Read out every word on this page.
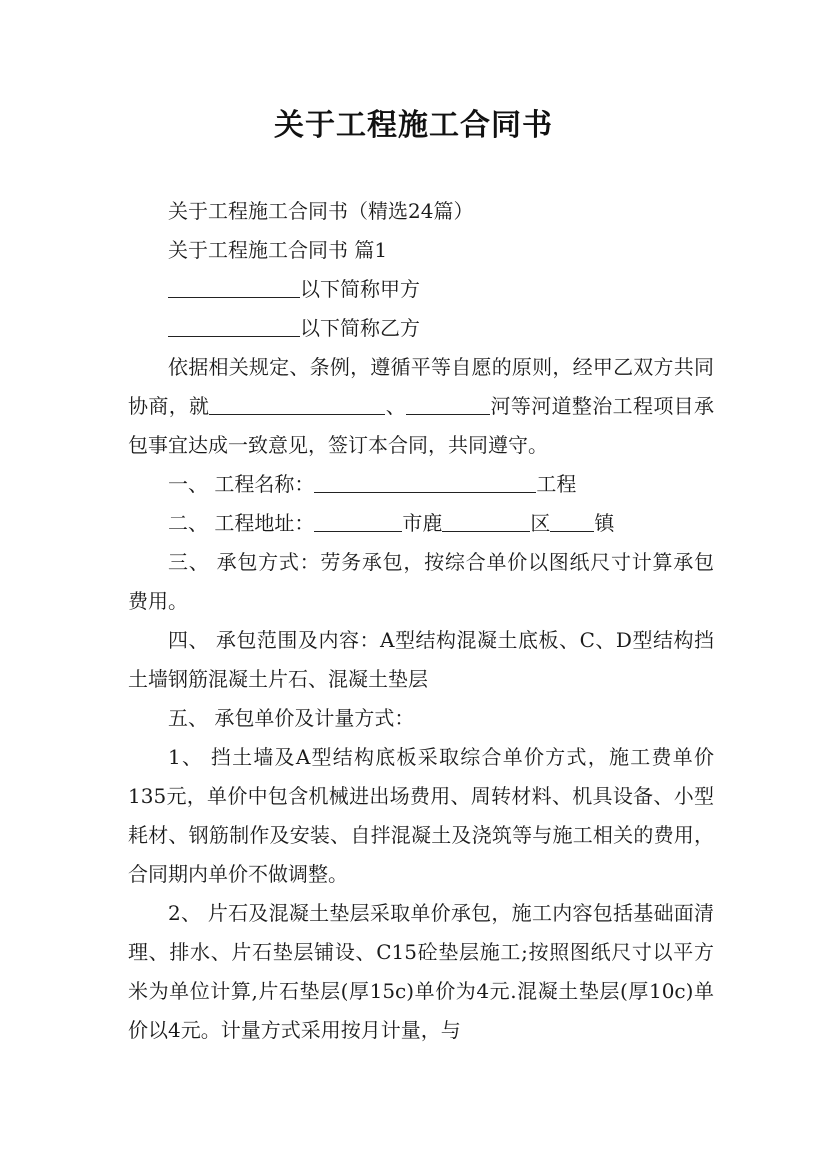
关于工程施工合同书

关于工程施工合同书（精选24篇）

关于工程施工合同书 篇1

以下简称甲方

以下简称乙方

依据相关规定、条例，遵循平等自愿的原则，经甲乙双方共同协商，就	、	河等河道整治工程项目承包事宜达成一致意见，签订本合同，共同遵守。

一、 工程名称：	工程

二、 工程地址：	市鹿	区 镇

三、 承包方式：劳务承包，按综合单价以图纸尺寸计算承包费用。

四、 承包范围及内容：A型结构混凝土底板、C、D型结构挡土墙钢筋混凝土片石、混凝土垫层

五、 承包单价及计量方式：

1、 挡土墙及A型结构底板采取综合单价方式，施工费单价135元，单价中包含机械进出场费用、周转材料、机具设备、小型耗材、钢筋制作及安装、自拌混凝土及浇筑等与施工相关的费用，合同期内单价不做调整。

2、 片石及混凝土垫层采取单价承包，施工内容包括基础面清理、排水、片石垫层铺设、C15砼垫层施工;按照图纸尺寸以平方米为单位计算,片石垫层(厚15c)单价为4元.混凝土垫层(厚10c)单价以4元。计量方式采用按月计量，与
